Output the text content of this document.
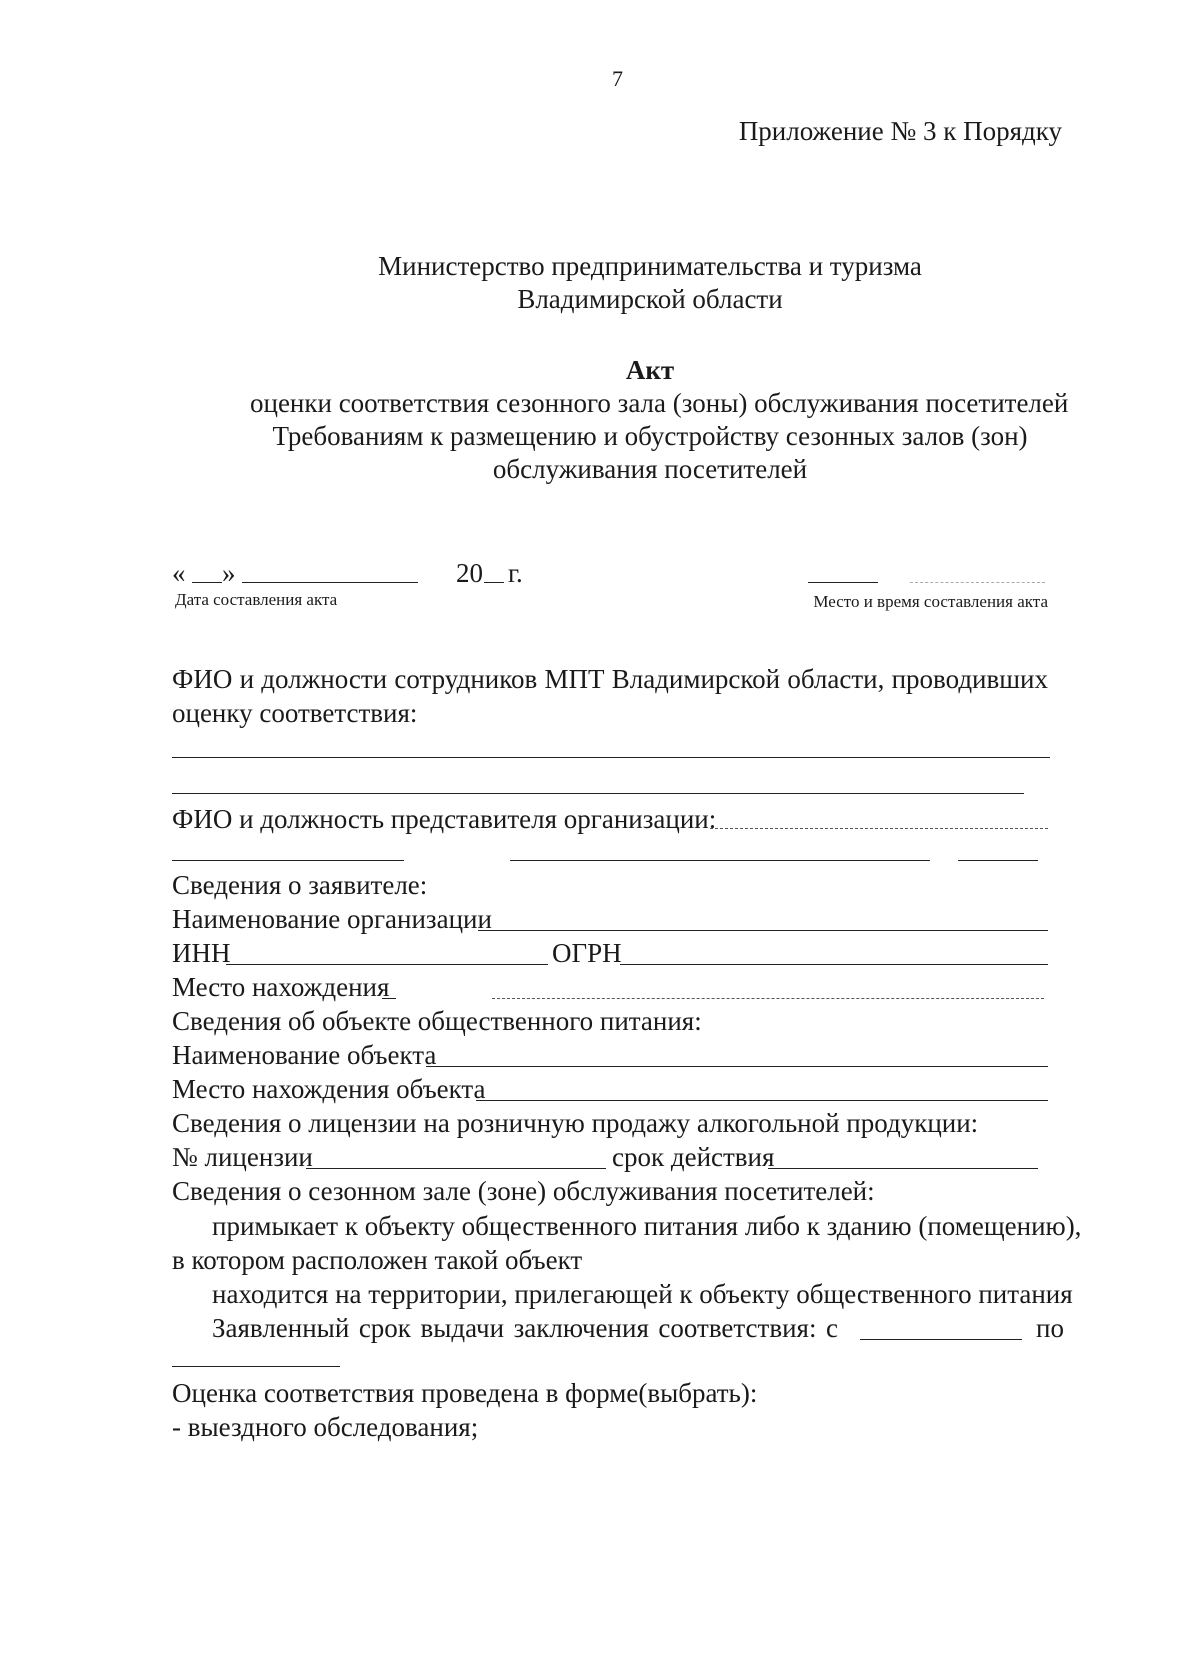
7
Приложение № 3 к Порядку
Министерство предпринимательства и туризма
Владимирской области
Акт
оценки соответствия сезонного зала (зоны) обслуживания посетителей
Требованиям к размещению и обустройству сезонных залов (зон)
обслуживания посетителей
« »	20 г.
Дата составления акта	Место и время составления акта
ФИО и должности сотрудников МПТ Владимирской области, проводивших
оценку соответствия:
ФИО и должность представителя организации:
Сведения о заявителе:
Наименование организации
ИНН	ОГРН
Место нахождения
Сведения об объекте общественного питания:
Наименование объекта
Место нахождения объекта
Сведения о лицензии на розничную продажу алкогольной продукции:
№ лицензии	срок действия
Сведения о сезонном зале (зоне) обслуживания посетителей:
примыкает к объекту общественного питания либо к зданию (помещению),
в котором расположен такой объект
находится на территории, прилегающей к объекту общественного питания
Заявленный срок выдачи заключения соответствия: с	по
Оценка соответствия проведена в форме(выбрать):
- выездного обследования;
